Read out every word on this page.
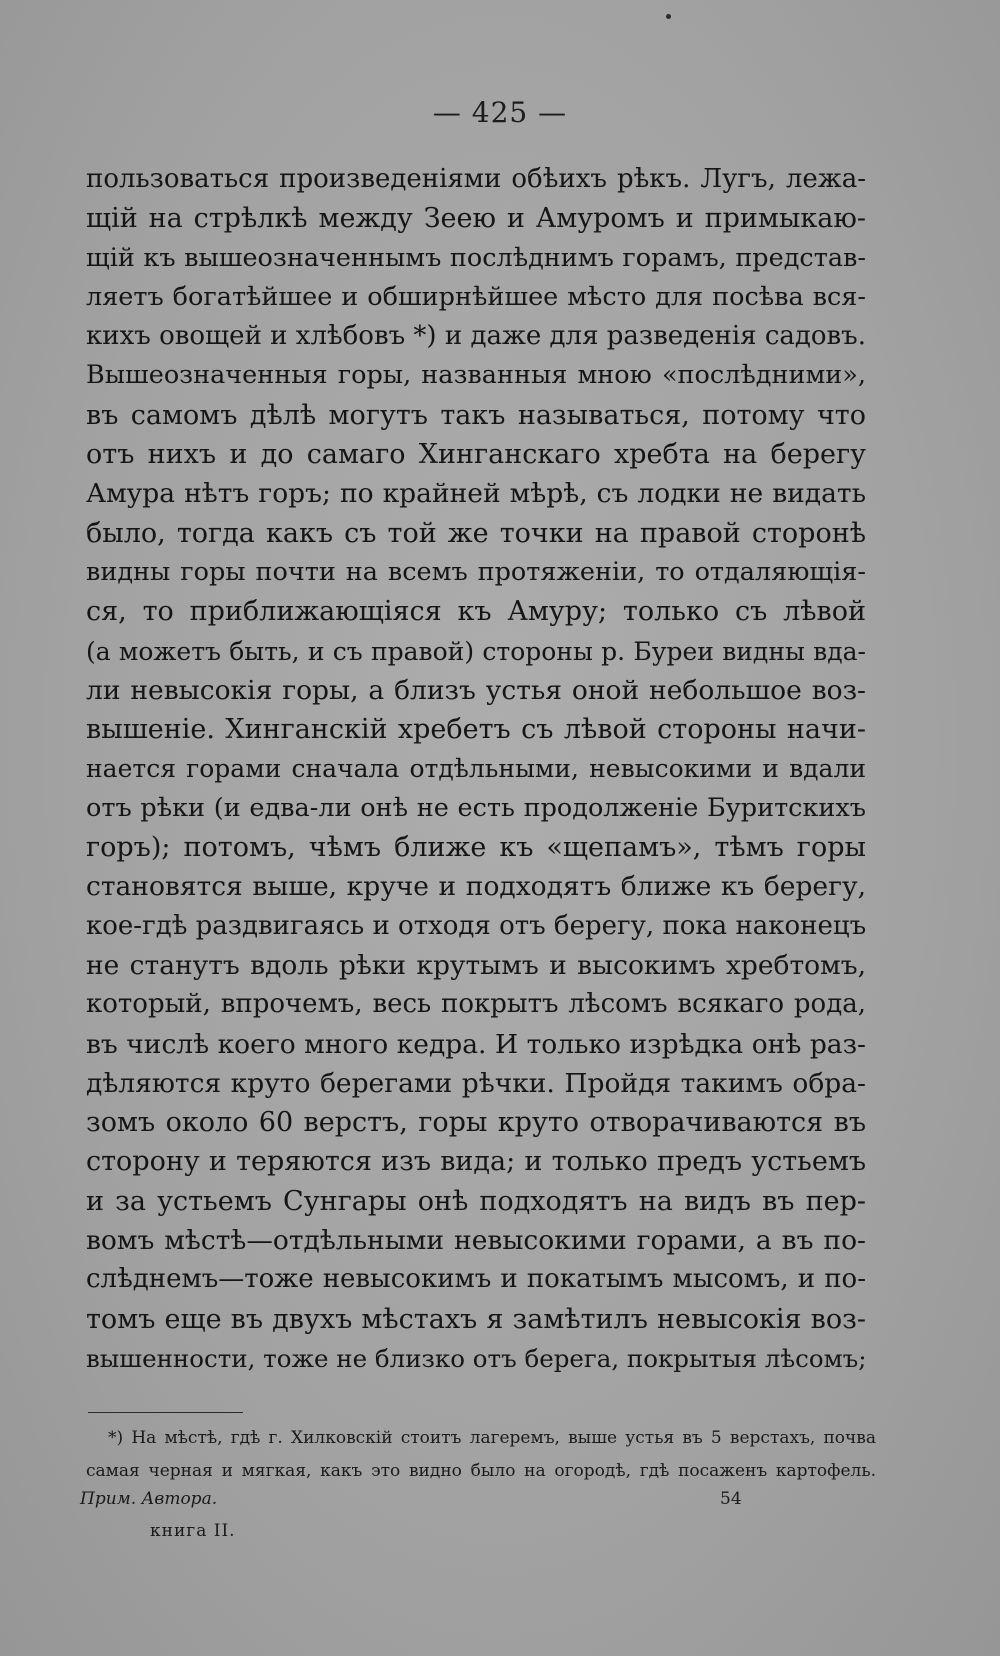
— 425 —
пользоваться произведеніями обѣихъ рѣкъ. Лугъ, лежа-
щій на стрѣлкѣ между Зеею и Амуромъ и примыкаю-
щій къ вышеозначеннымъ послѣднимъ горамъ, представ-
ляетъ богатѣйшее и обширнѣйшее мѣсто для посѣва вся-
кихъ овощей и хлѣбовъ *) и даже для разведенія садовъ.
Вышеозначенныя горы, названныя мною «послѣдними»,
въ самомъ дѣлѣ могутъ такъ называться, потому что
отъ нихъ и до самаго Хинганскаго хребта на берегу
Амура нѣтъ горъ; по крайней мѣрѣ, съ лодки не видать
было, тогда какъ съ той же точки на правой сторонѣ
видны горы почти на всемъ протяженіи, то отдаляющія-
ся, то приближающіяся къ Амуру; только съ лѣвой
(а можетъ быть, и съ правой) стороны р. Буреи видны вда-
ли невысокія горы, а близъ устья оной небольшое воз-
вышеніе. Хинганскій хребетъ съ лѣвой стороны начи-
нается горами сначала отдѣльными, невысокими и вдали
отъ рѣки (и едва-ли онѣ не есть продолженіе Буритскихъ
горъ); потомъ, чѣмъ ближе къ «щепамъ», тѣмъ горы
становятся выше, круче и подходятъ ближе къ берегу,
кое-гдѣ раздвигаясь и отходя отъ берегу, пока наконецъ
не станутъ вдоль рѣки крутымъ и высокимъ хребтомъ,
который, впрочемъ, весь покрытъ лѣсомъ всякаго рода,
въ числѣ коего много кедра. И только изрѣдка онѣ раз-
дѣляются круто берегами рѣчки. Пройдя такимъ обра-
зомъ около 60 верстъ, горы круто отворачиваются въ
сторону и теряются изъ вида; и только предъ устьемъ
и за устьемъ Сунгары онѣ подходятъ на видъ въ пер-
вомъ мѣстѣ—отдѣльными невысокими горами, а въ по-
слѣднемъ—тоже невысокимъ и покатымъ мысомъ, и по-
томъ еще въ двухъ мѣстахъ я замѣтилъ невысокія воз-
вышенности, тоже не близко отъ берега, покрытыя лѣсомъ;
*) На мѣстѣ, гдѣ г. Хилковскій стоитъ лагеремъ, выше устья въ 5 верстахъ, почва
самая черная и мягкая, какъ это видно было на огородѣ, гдѣ посаженъ картофель.
Прим. Автора.	54
книга II.
